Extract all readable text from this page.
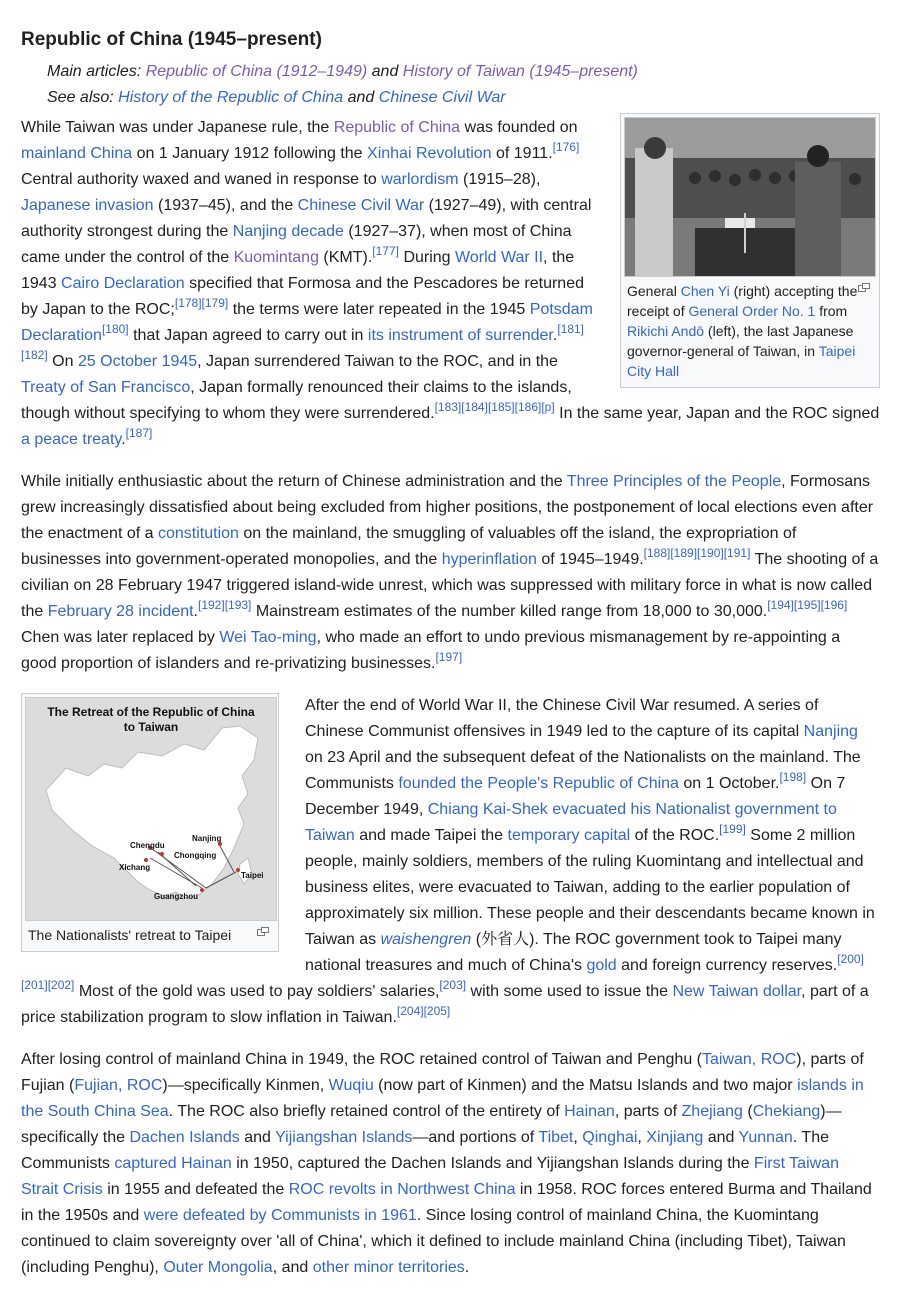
Republic of China (1945–present)
Main articles: Republic of China (1912–1949) and History of Taiwan (1945–present)
See also: History of the Republic of China and Chinese Civil War
General Chen Yi (right) accepting the receipt of General Order No. 1 from Rikichi Andō (left), the last Japanese governor-general of Taiwan, in Taipei City Hall

While Taiwan was under Japanese rule, the Republic of China was founded on mainland China on 1 January 1912 following the Xinhai Revolution of 1911.[176] Central authority waxed and waned in response to warlordism (1915–28), Japanese invasion (1937–45), and the Chinese Civil War (1927–49), with central authority strongest during the Nanjing decade (1927–37), when most of China came under the control of the Kuomintang (KMT).[177] During World War II, the 1943 Cairo Declaration specified that Formosa and the Pescadores be returned by Japan to the ROC;[178][179] the terms were later repeated in the 1945 Potsdam Declaration[180] that Japan agreed to carry out in its instrument of surrender.[181][182] On 25 October 1945, Japan surrendered Taiwan to the ROC, and in the Treaty of San Francisco, Japan formally renounced their claims to the islands, though without specifying to whom they were surrendered.[183][184][185][186][p] In the same year, Japan and the ROC signed a peace treaty.[187]

While initially enthusiastic about the return of Chinese administration and the Three Principles of the People, Formosans grew increasingly dissatisfied about being excluded from higher positions, the postponement of local elections even after the enactment of a constitution on the mainland, the smuggling of valuables off the island, the expropriation of businesses into government-operated monopolies, and the hyperinflation of 1945–1949.[188][189][190][191] The shooting of a civilian on 28 February 1947 triggered island-wide unrest, which was suppressed with military force in what is now called the February 28 incident.[192][193] Mainstream estimates of the number killed range from 18,000 to 30,000.[194][195][196] Chen was later replaced by Wei Tao-ming, who made an effort to undo previous mismanagement by re-appointing a good proportion of islanders and re-privatizing businesses.[197]

The Retreat of the Republic of China
to Taiwan
Nanjing
Chengdu
Chongqing
Xichang
Taipei
Guangzhou
The Nationalists' retreat to Taipei

After the end of World War II, the Chinese Civil War resumed. A series of Chinese Communist offensives in 1949 led to the capture of its capital Nanjing on 23 April and the subsequent defeat of the Nationalists on the mainland. The Communists founded the People's Republic of China on 1 October.[198] On 7 December 1949, Chiang Kai-Shek evacuated his Nationalist government to Taiwan and made Taipei the temporary capital of the ROC.[199] Some 2 million people, mainly soldiers, members of the ruling Kuomintang and intellectual and business elites, were evacuated to Taiwan, adding to the earlier population of approximately six million. These people and their descendants became known in Taiwan as waishengren (外省人). The ROC government took to Taipei many national treasures and much of China's gold and foreign currency reserves.[200][201][202] Most of the gold was used to pay soldiers' salaries,[203] with some used to issue the New Taiwan dollar, part of a price stabilization program to slow inflation in Taiwan.[204][205]

After losing control of mainland China in 1949, the ROC retained control of Taiwan and Penghu (Taiwan, ROC), parts of Fujian (Fujian, ROC)—specifically Kinmen, Wuqiu (now part of Kinmen) and the Matsu Islands and two major islands in the South China Sea. The ROC also briefly retained control of the entirety of Hainan, parts of Zhejiang (Chekiang)—specifically the Dachen Islands and Yijiangshan Islands—and portions of Tibet, Qinghai, Xinjiang and Yunnan. The Communists captured Hainan in 1950, captured the Dachen Islands and Yijiangshan Islands during the First Taiwan Strait Crisis in 1955 and defeated the ROC revolts in Northwest China in 1958. ROC forces entered Burma and Thailand in the 1950s and were defeated by Communists in 1961. Since losing control of mainland China, the Kuomintang continued to claim sovereignty over 'all of China', which it defined to include mainland China (including Tibet), Taiwan (including Penghu), Outer Mongolia, and other minor territories.
